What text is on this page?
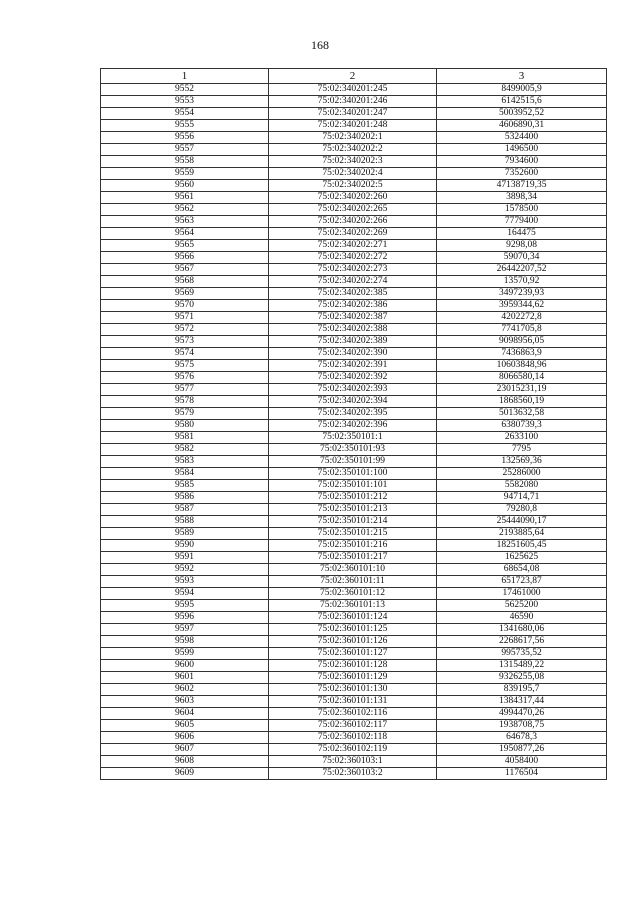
168
1	2	3
9552	75:02:340201:245	8499005,9
9553	75:02:340201:246	6142515,6
9554	75:02:340201:247	5003952,52
9555	75:02:340201:248	4606890,31
9556	75:02:340202:1	5324400
9557	75:02:340202:2	1496500
9558	75:02:340202:3	7934600
9559	75:02:340202:4	7352600
9560	75:02:340202:5	47138719,35
9561	75:02:340202:260	3898,34
9562	75:02:340202:265	1578500
9563	75:02:340202:266	7779400
9564	75:02:340202:269	164475
9565	75:02:340202:271	9298,08
9566	75:02:340202:272	59070,34
9567	75:02:340202:273	26442207,52
9568	75:02:340202:274	13570,92
9569	75:02:340202:385	3497239,93
9570	75:02:340202:386	3959344,62
9571	75:02:340202:387	4202272,8
9572	75:02:340202:388	7741705,8
9573	75:02:340202:389	9098956,05
9574	75:02:340202:390	7436863,9
9575	75:02:340202:391	10603848,96
9576	75:02:340202:392	8066580,14
9577	75:02:340202:393	23015231,19
9578	75:02:340202:394	1868560,19
9579	75:02:340202:395	5013632,58
9580	75:02:340202:396	6380739,3
9581	75:02:350101:1	2633100
9582	75:02:350101:93	7795
9583	75:02:350101:99	132569,36
9584	75:02:350101:100	25286000
9585	75:02:350101:101	5582080
9586	75:02:350101:212	94714,71
9587	75:02:350101:213	79280,8
9588	75:02:350101:214	25444090,17
9589	75:02:350101:215	2193885,64
9590	75:02:350101:216	18251605,45
9591	75:02:350101:217	1625625
9592	75:02:360101:10	68654,08
9593	75:02:360101:11	651723,87
9594	75:02:360101:12	17461000
9595	75:02:360101:13	5625200
9596	75:02:360101:124	46590
9597	75:02:360101:125	1341680,06
9598	75:02:360101:126	2268617,56
9599	75:02:360101:127	995735,52
9600	75:02:360101:128	1315489,22
9601	75:02:360101:129	9326255,08
9602	75:02:360101:130	839195,7
9603	75:02:360101:131	1384317,44
9604	75:02:360102:116	4994470,26
9605	75:02:360102:117	1938708,75
9606	75:02:360102:118	64678,3
9607	75:02:360102:119	1950877,26
9608	75:02:360103:1	4058400
9609	75:02:360103:2	1176504
